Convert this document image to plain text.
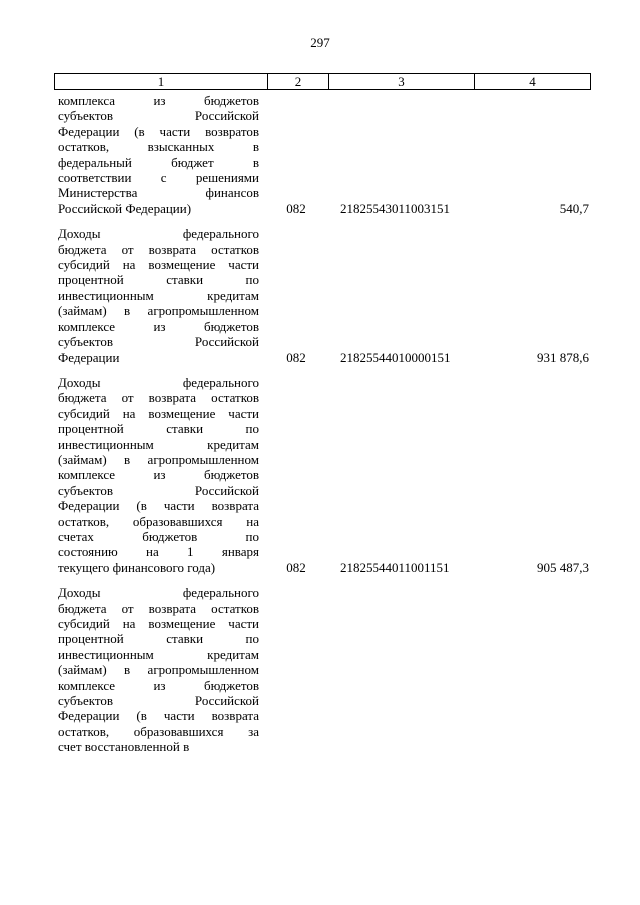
297
1	2	3	4
комплекса из бюджетов
субъектов Российской
Федерации (в части возвратов
остатков, взысканных в
федеральный бюджет в
соответствии с решениями
Министерства финансов
Российской Федерации)	082	21825543011003151	540,7
Доходы федерального
бюджета от возврата остатков
субсидий на возмещение части
процентной ставки по
инвестиционным кредитам
(займам) в агропромышленном
комплексе из бюджетов
субъектов Российской
Федерации	082	21825544010000151	931 878,6
Доходы федерального
бюджета от возврата остатков
субсидий на возмещение части
процентной ставки по
инвестиционным кредитам
(займам) в агропромышленном
комплексе из бюджетов
субъектов Российской
Федерации (в части возврата
остатков, образовавшихся на
счетах бюджетов по
состоянию на 1 января
текущего финансового года)	082	21825544011001151	905 487,3
Доходы федерального
бюджета от возврата остатков
субсидий на возмещение части
процентной ставки по
инвестиционным кредитам
(займам) в агропромышленном
комплексе из бюджетов
субъектов Российской
Федерации (в части возврата
остатков, образовавшихся за
счет восстановленной в
